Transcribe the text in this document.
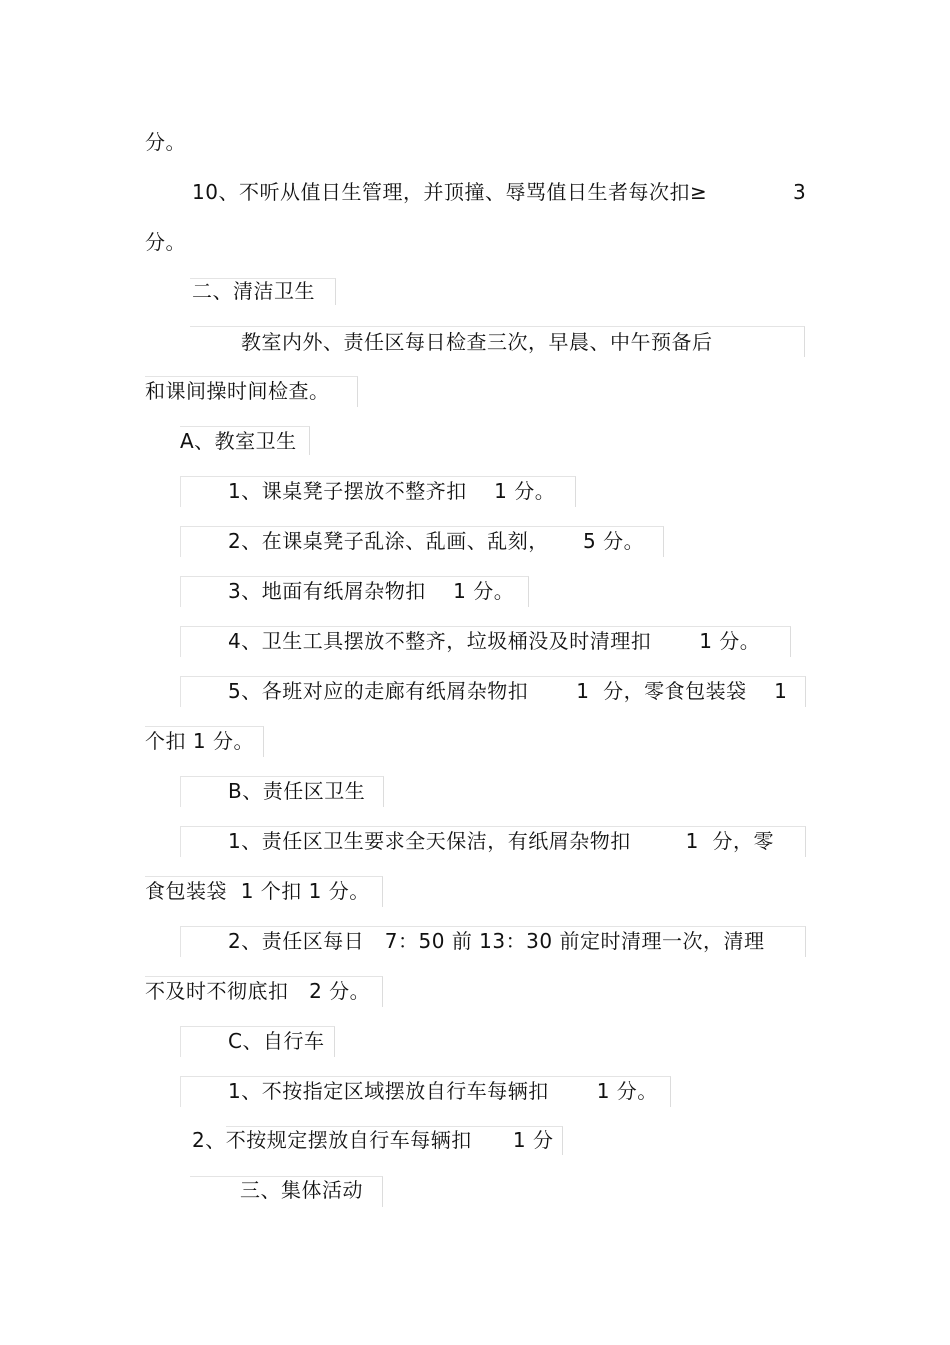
分。
10、不听从值日生管理，并顶撞、辱骂值日生者每次扣≥	3
分。
二、清洁卫生
教室内外、责任区每日检查三次，早晨、中午预备后
和课间操时间检查。
A、教室卫生
1、课桌凳子摆放不整齐扣    1 分。
2、在课桌凳子乱涂、乱画、乱刻，     5 分。
3、地面有纸屑杂物扣    1 分。
4、卫生工具摆放不整齐，垃圾桶没及时清理扣       1 分。
5、各班对应的走廊有纸屑杂物扣       1  分，零食包装袋    1
个扣 1 分。
B、责任区卫生
1、责任区卫生要求全天保洁，有纸屑杂物扣        1  分，零
食包装袋  1 个扣 1 分。
2、责任区每日   7：50 前 13：30 前定时清理一次，清理
不及时不彻底扣   2 分。
C、自行车
1、不按指定区域摆放自行车每辆扣       1 分。
2、不按规定摆放自行车每辆扣      1 分
三、集体活动
